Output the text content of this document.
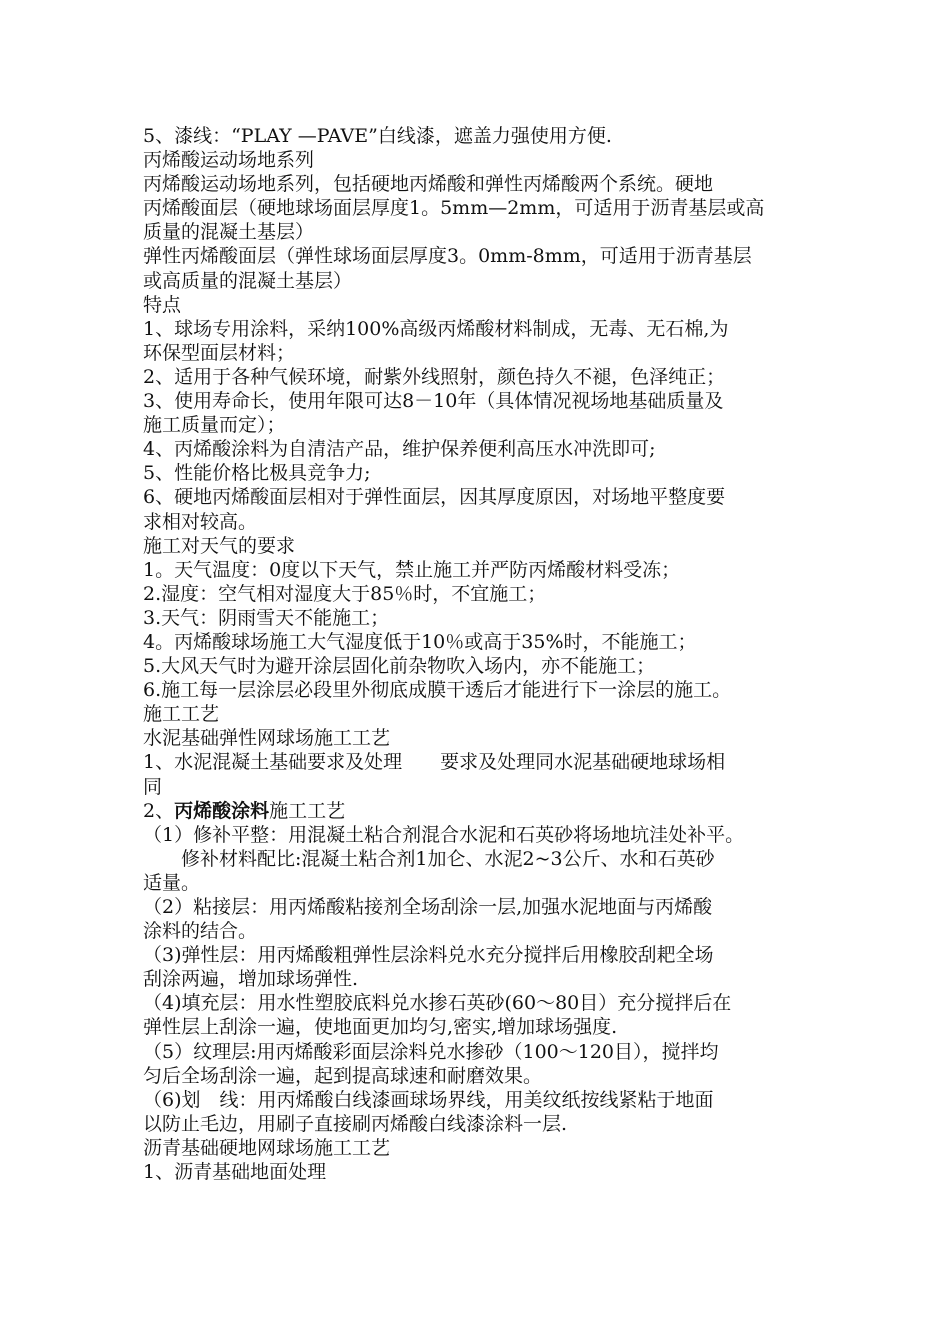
5、漆线：“PLAY —PAVE”白线漆，遮盖力强使用方便.
丙烯酸运动场地系列
丙烯酸运动场地系列，包括硬地丙烯酸和弹性丙烯酸两个系统。硬地
丙烯酸面层（硬地球场面层厚度1。5mm—2mm，可适用于沥青基层或高
质量的混凝土基层）
弹性丙烯酸面层（弹性球场面层厚度3。0mm-8mm，可适用于沥青基层
或高质量的混凝土基层）
特点
1、球场专用涂料，采纳100%高级丙烯酸材料制成，无毒、无石棉,为
环保型面层材料；
2、适用于各种气候环境，耐紫外线照射，颜色持久不褪，色泽纯正；
3、使用寿命长，使用年限可达8－10年（具体情况视场地基础质量及
施工质量而定）；
4、丙烯酸涂料为自清洁产品，维护保养便利高压水冲洗即可;
5、性能价格比极具竞争力;
6、硬地丙烯酸面层相对于弹性面层，因其厚度原因，对场地平整度要
求相对较高。
施工对天气的要求
1。天气温度：0度以下天气，禁止施工并严防丙烯酸材料受冻；
2.湿度：空气相对湿度大于85％时，不宜施工；
3.天气：阴雨雪天不能施工；
4。丙烯酸球场施工大气湿度低于10％或高于35%时，不能施工；
5.大风天气时为避开涂层固化前杂物吹入场内，亦不能施工；
6.施工每一层涂层必段里外彻底成膜干透后才能进行下一涂层的施工。
施工工艺
水泥基础弹性网球场施工工艺
1、水泥混凝土基础要求及处理　　要求及处理同水泥基础硬地球场相
同
2、丙烯酸涂料施工工艺
（1）修补平整：用混凝土粘合剂混合水泥和石英砂将场地坑洼处补平。
　修补材料配比:混凝土粘合剂1加仑、水泥2~3公斤、水和石英砂
适量。
（2）粘接层：用丙烯酸粘接剂全场刮涂一层,加强水泥地面与丙烯酸
涂料的结合。
（3)弹性层：用丙烯酸粗弹性层涂料兑水充分搅拌后用橡胶刮耙全场
刮涂两遍，增加球场弹性.
（4)填充层：用水性塑胶底料兑水掺石英砂(60～80目）充分搅拌后在
弹性层上刮涂一遍，使地面更加均匀,密实,增加球场强度.
（5）纹理层:用丙烯酸彩面层涂料兑水掺砂（100～120目），搅拌均
匀后全场刮涂一遍，起到提高球速和耐磨效果。
（6)划　线：用丙烯酸白线漆画球场界线，用美纹纸按线紧粘于地面
以防止毛边，用刷子直接刷丙烯酸白线漆涂料一层.
沥青基础硬地网球场施工工艺
1、沥青基础地面处理
